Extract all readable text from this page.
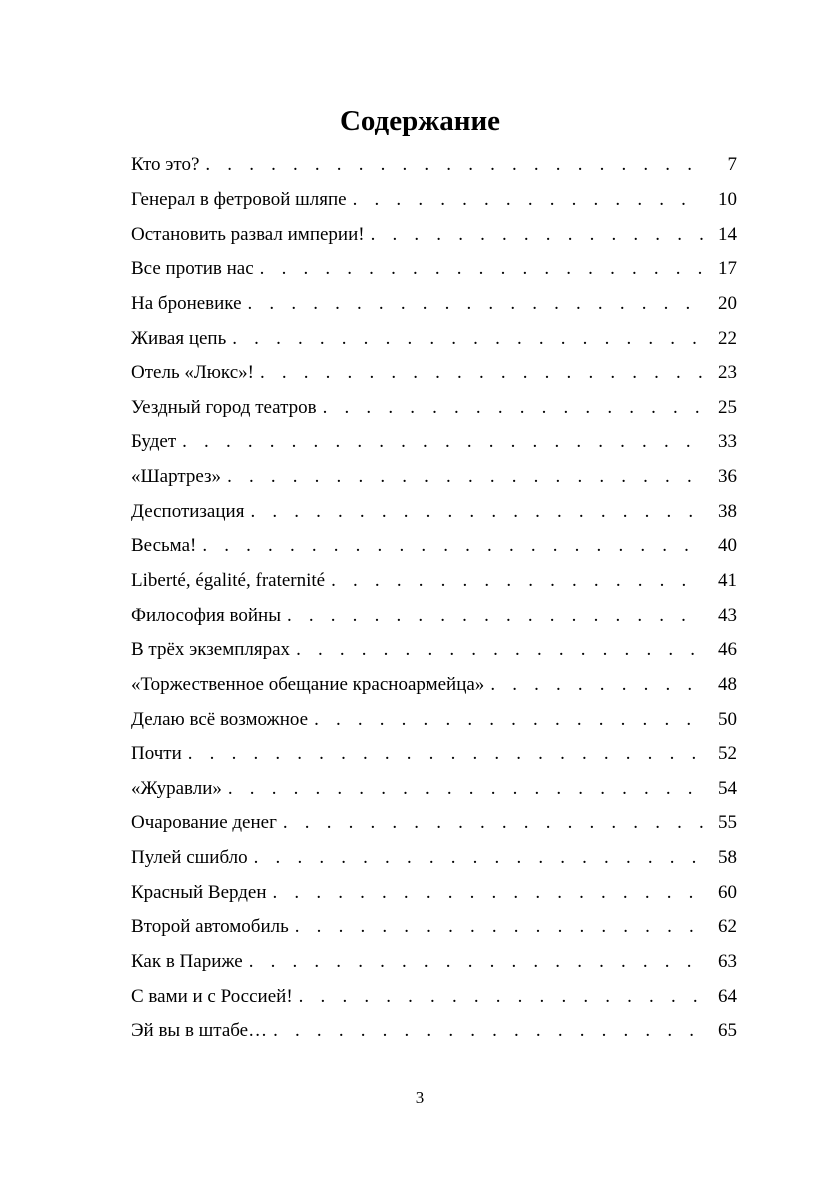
Содержание
Кто это? . . .	7
Генерал в фетровой шляпе . . .	10
Остановить развал империи! . . .	14
Все против нас . . .	17
На броневике . . .	20
Живая цепь . . .	22
Отель «Люкс»! . . .	23
Уездный город театров . . .	25
Будет . . .	33
«Шартрез» . . .	36
Деспотизация . . .	38
Весьма! . . .	40
Liberté, égalité, fraternité . . .	41
Философия войны . . .	43
В трёх экземплярах . . .	46
«Торжественное обещание красноармейца» . . .	48
Делаю всё возможное . . .	50
Почти . . .	52
«Журавли» . . .	54
Очарование денег . . .	55
Пулей сшибло . . .	58
Красный Верден . . .	60
Второй автомобиль . . .	62
Как в Париже . . .	63
С вами и с Россией! . . .	64
Эй вы в штабе… . . .	65
3
